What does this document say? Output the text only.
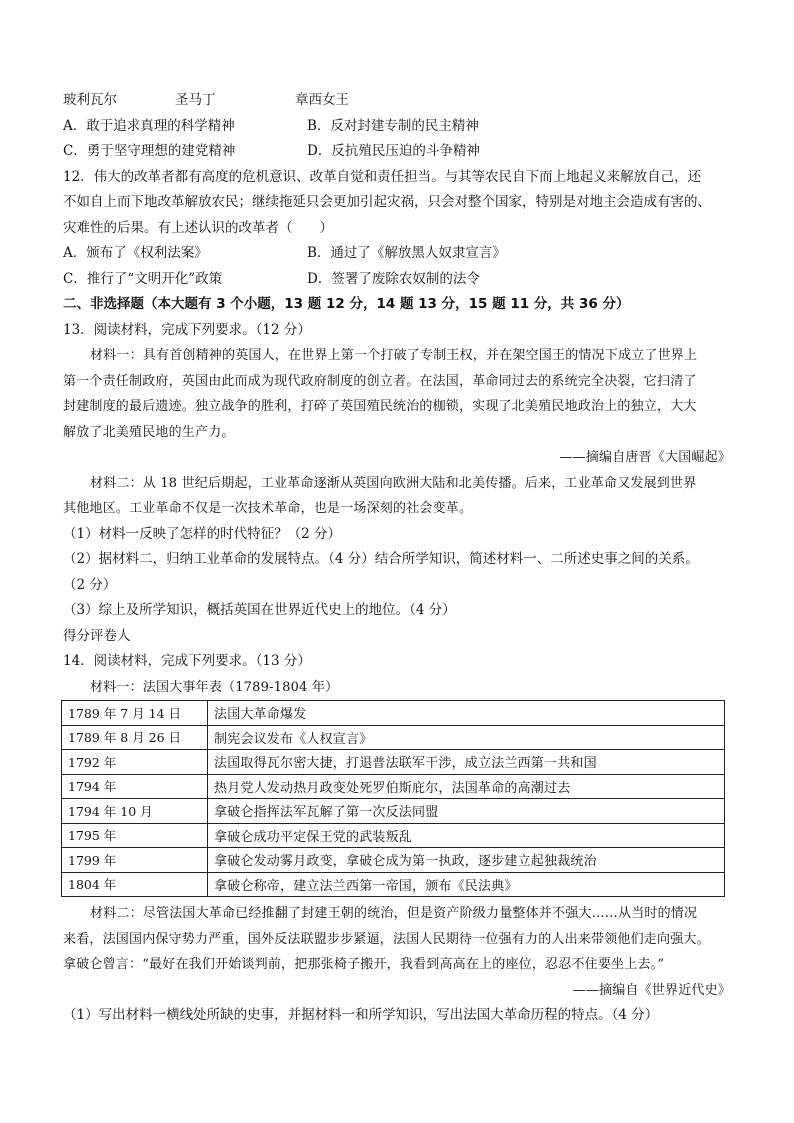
玻利瓦尔	圣马丁	章西女王
A．敢于追求真理的科学精神	B．反对封建专制的民主精神
C．勇于坚守理想的建党精神	D．反抗殖民压迫的斗争精神
12．伟大的改革者都有高度的危机意识、改革自觉和责任担当。与其等农民自下而上地起义来解放自己，还
不如自上而下地改革解放农民；继续拖延只会更加引起灾祸，只会对整个国家，特别是对地主会造成有害的、
灾难性的后果。有上述认识的改革者（　　）
A．颁布了《权利法案》	B．通过了《解放黑人奴隶宣言》
C．推行了“文明开化”政策	D．签署了废除农奴制的法令
二、非选择题（本大题有 3 个小题，13 题 12 分，14 题 13 分，15 题 11 分，共 36 分）
13．阅读材料，完成下列要求。（12 分）
材料一：具有首创精神的英国人，在世界上第一个打破了专制王权，并在架空国王的情况下成立了世界上
第一个责任制政府，英国由此而成为现代政府制度的创立者。在法国，革命同过去的系统完全决裂，它扫清了
封建制度的最后遗迹。独立战争的胜利，打碎了英国殖民统治的枷锁，实现了北美殖民地政治上的独立，大大
解放了北美殖民地的生产力。
——摘编自唐晋《大国崛起》
材料二：从 18 世纪后期起，工业革命逐渐从英国向欧洲大陆和北美传播。后来，工业革命又发展到世界
其他地区。工业革命不仅是一次技术革命，也是一场深刻的社会变革。
（1）材料一反映了怎样的时代特征？（2 分）
（2）据材料二，归纳工业革命的发展特点。（4 分）结合所学知识，简述材料一、二所述史事之间的关系。
（2 分）
（3）综上及所学知识，概括英国在世界近代史上的地位。（4 分）
得分评卷人
14．阅读材料，完成下列要求。（13 分）
材料一：法国大事年表（1789-1804 年）
1789 年 7 月 14 日	法国大革命爆发
1789 年 8 月 26 日	制宪会议发布《人权宣言》
1792 年	法国取得瓦尔密大捷，打退普法联军干涉，成立法兰西第一共和国
1794 年	热月党人发动热月政变处死罗伯斯庇尔，法国革命的高潮过去
1794 年 10 月	拿破仑指挥法军瓦解了第一次反法同盟
1795 年	拿破仑成功平定保王党的武装叛乱
1799 年	拿破仑发动雾月政变，拿破仑成为第一执政，逐步建立起独裁统治
1804 年	拿破仑称帝，建立法兰西第一帝国，颁布《民法典》
材料二：尽管法国大革命已经推翻了封建王朝的统治，但是资产阶级力量整体并不强大……从当时的情况
来看，法国国内保守势力严重，国外反法联盟步步紧逼，法国人民期待一位强有力的人出来带领他们走向强大。
拿破仑曾言：“最好在我们开始谈判前，把那张椅子搬开，我看到高高在上的座位，忍忍不住要坐上去。”
——摘编自《世界近代史》
（1）写出材料一横线处所缺的史事，并据材料一和所学知识，写出法国大革命历程的特点。（4 分）
